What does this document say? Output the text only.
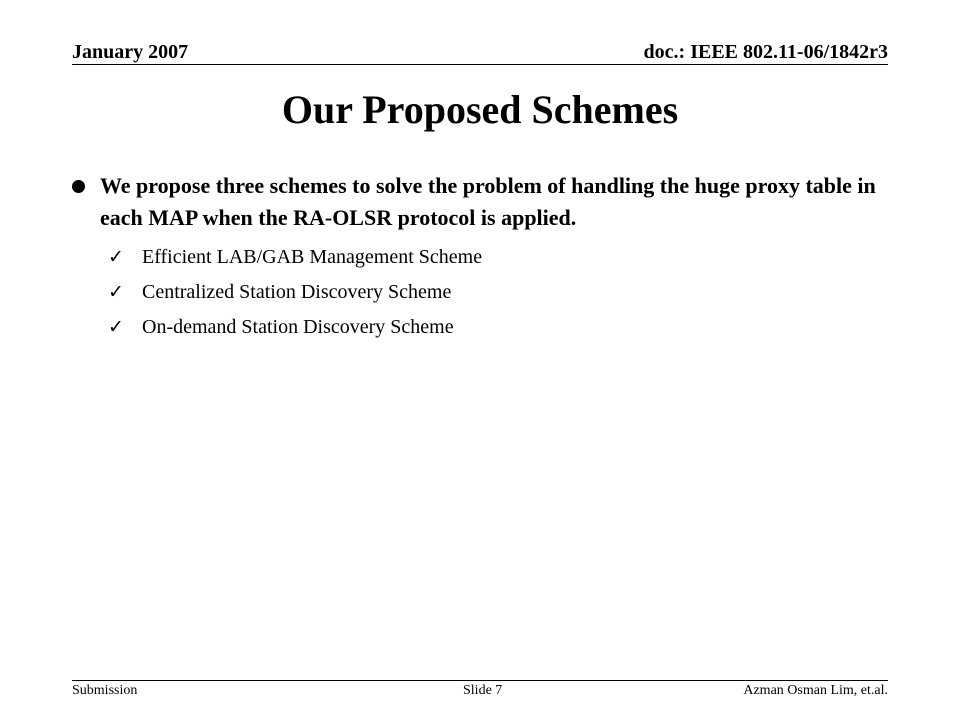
January 2007	doc.: IEEE 802.11-06/1842r3
Our Proposed Schemes
We propose three schemes to solve the problem of handling the huge proxy table in each MAP when the RA-OLSR protocol is applied.
✓ Efficient LAB/GAB Management Scheme
✓ Centralized Station Discovery Scheme
✓ On-demand Station Discovery Scheme
Submission	Slide 7	Azman Osman Lim, et.al.
